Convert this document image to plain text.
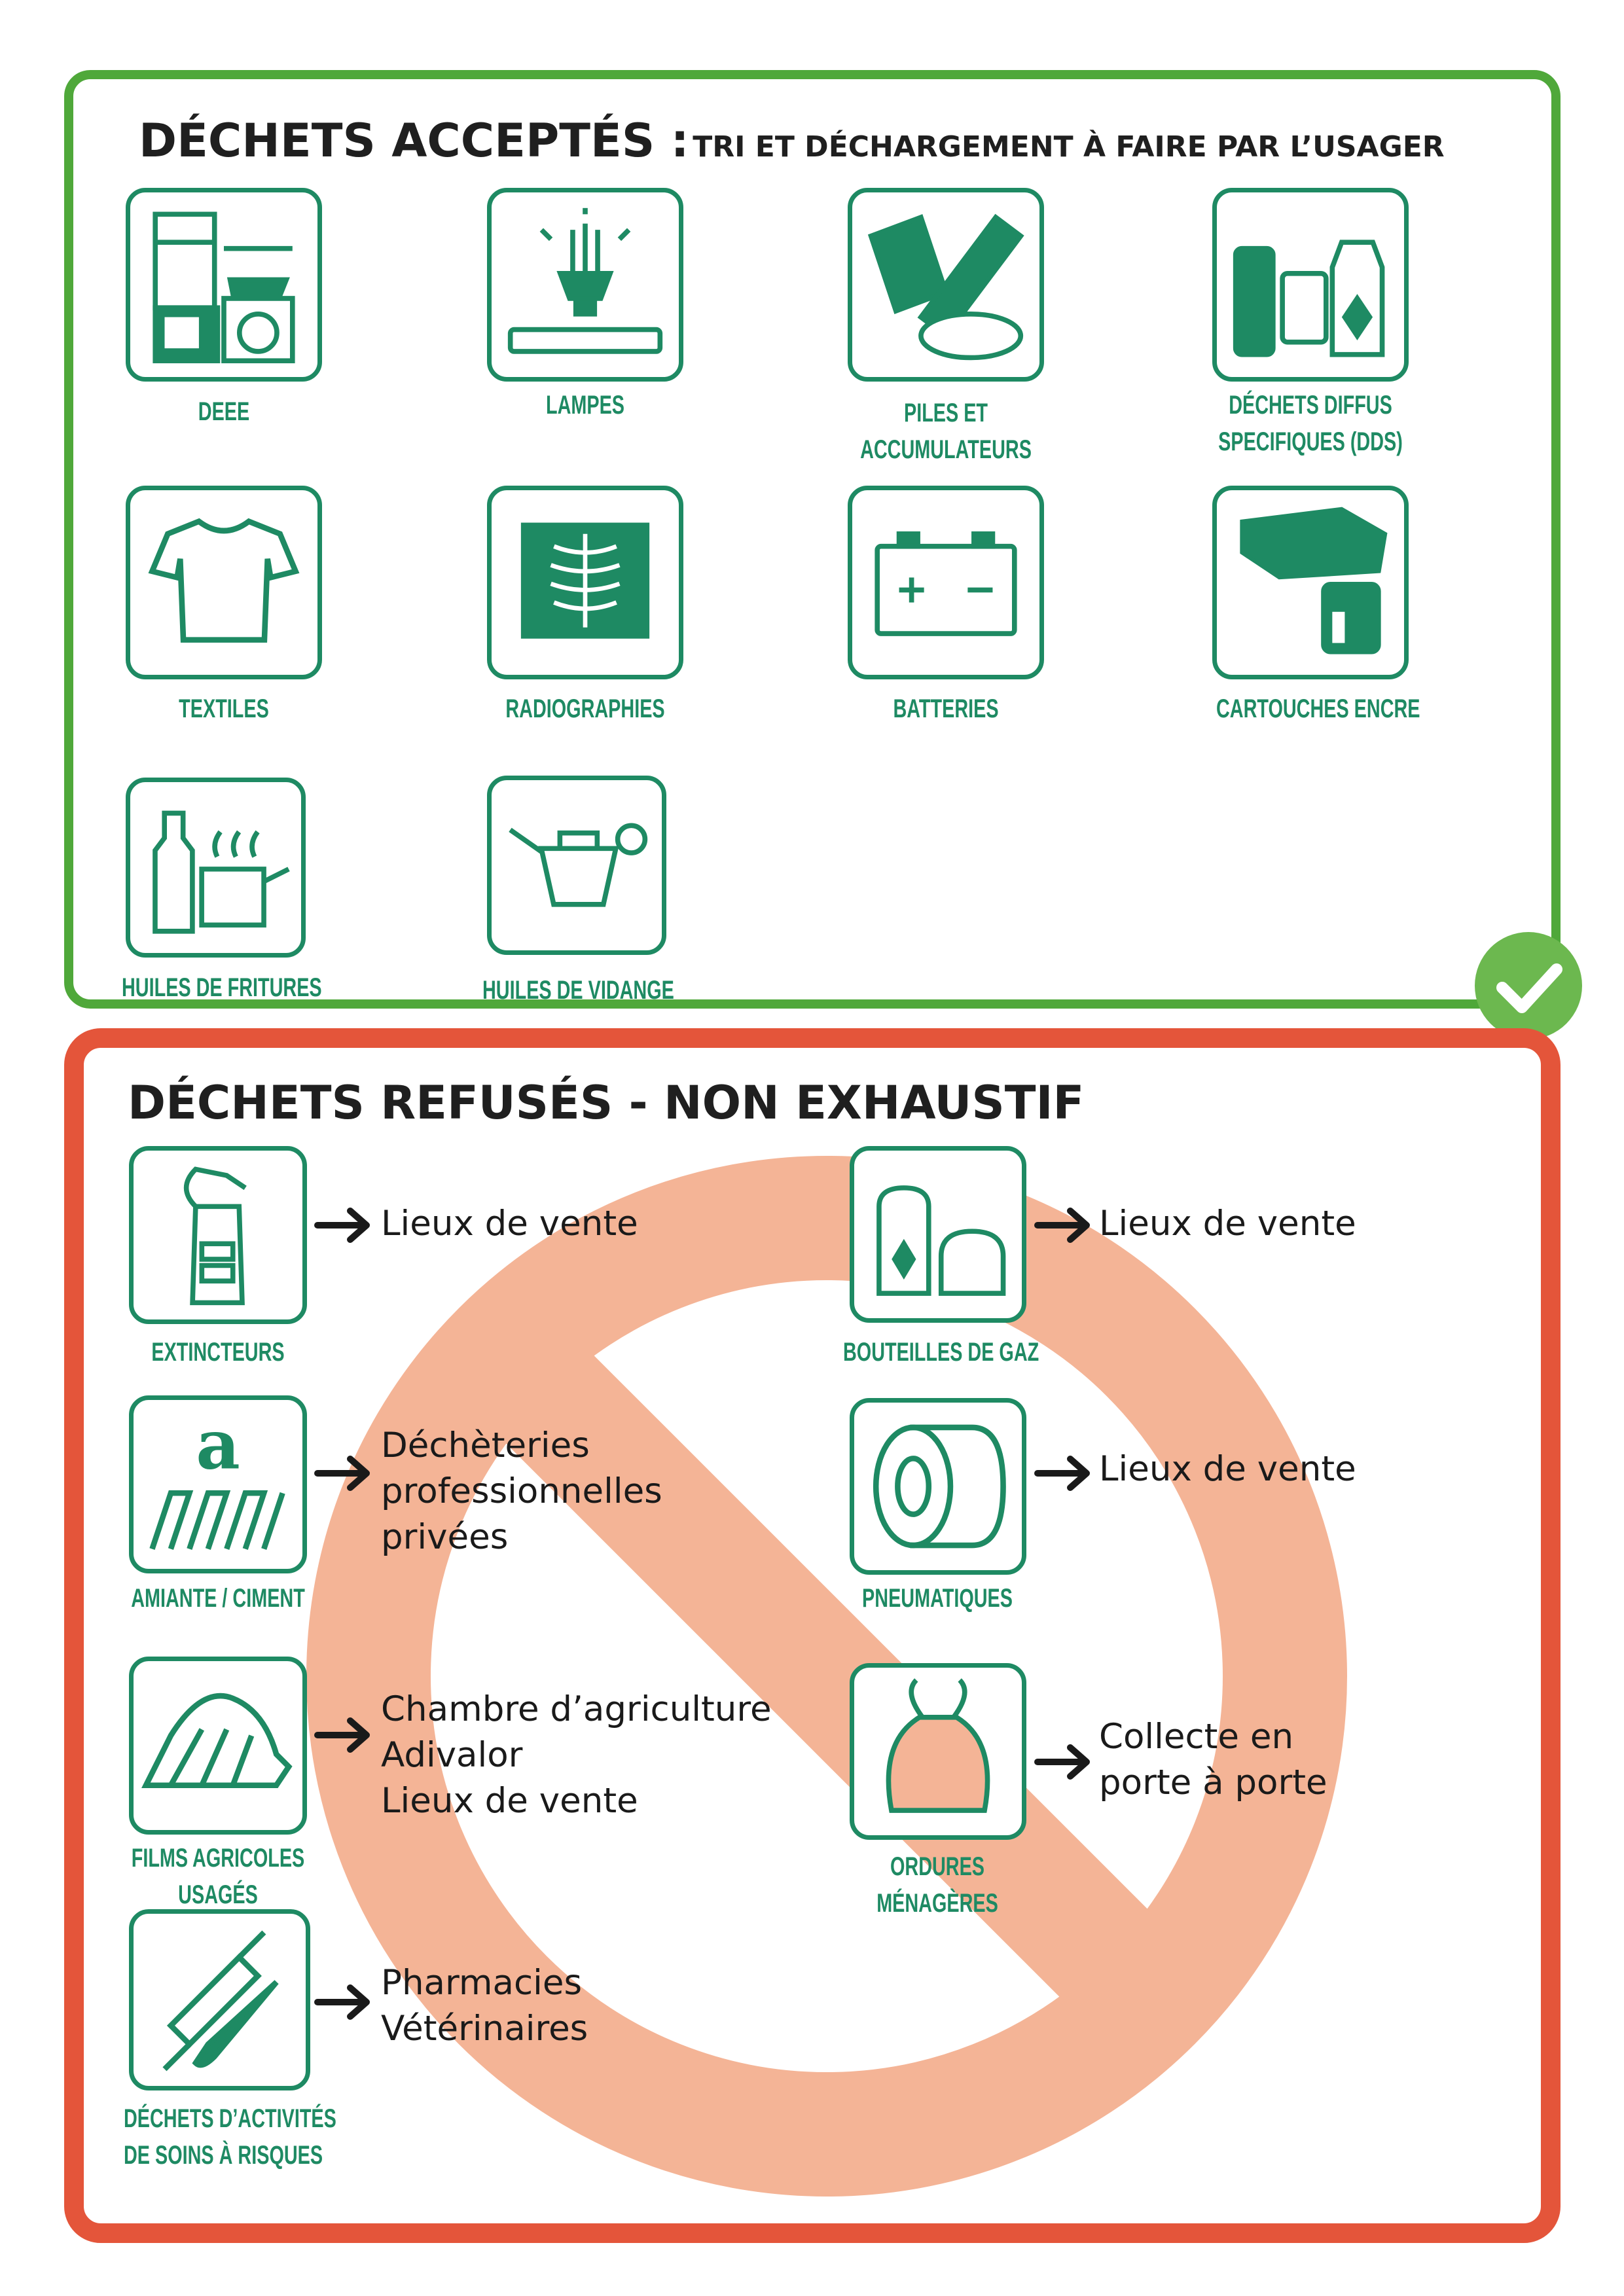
DÉCHETS ACCEPTÉS : TRI ET DÉCHARGEMENT À FAIRE PAR L’USAGER
DEEE	LAMPES	PILES ET
ACCUMULATEURS
DÉCHETS DIFFUS
SPECIFIQUES (DDS)
TEXTILES	RADIOGRAPHIES	BATTERIES	CARTOUCHES ENCRE
HUILES DE FRITURES	HUILES DE VIDANGE
DÉCHETS REFUSÉS - NON EXHAUSTIF
EXTINCTEURS
Lieux de vente
BOUTEILLES DE GAZ
Lieux de vente
a
AMIANTE / CIMENT
Déchèteries
professionnelles
privées
PNEUMATIQUES
Lieux de vente
FILMS AGRICOLES
USAGÉS
Chambre d’agriculture
Adivalor
Lieux de vente
ORDURES
MÉNAGÈRES
Collecte en
porte à porte
DÉCHETS D’ACTIVITÉS
DE SOINS À RISQUES
Pharmacies
Vétérinaires
